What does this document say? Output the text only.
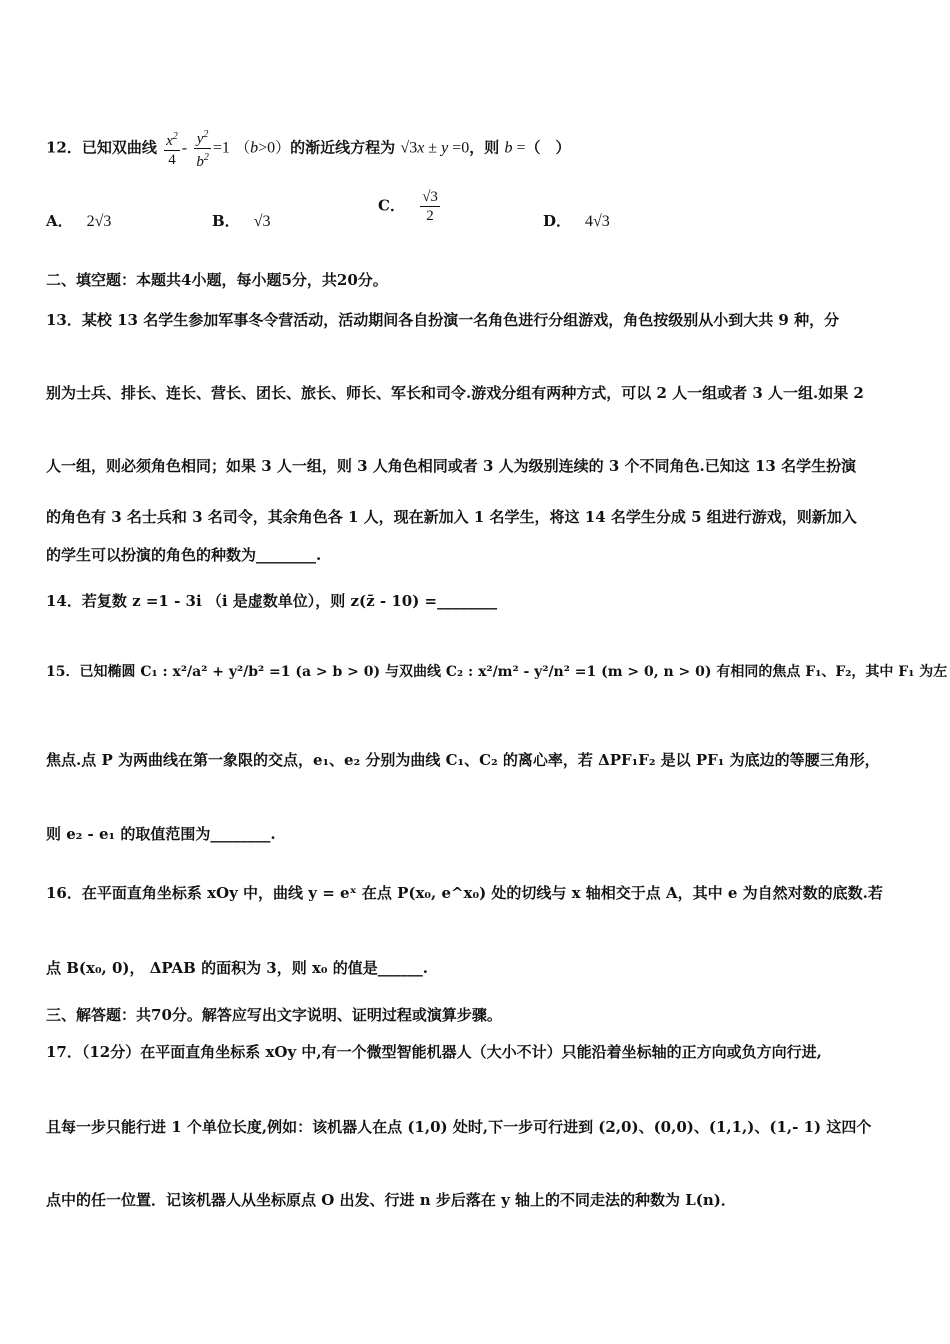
12．已知双曲线 $\frac{x^2}{4} - \frac{y^2}{b^2} =1$ （b>0）的渐近线方程为 √3x ± y =0，则 b =（　）
A． 2√3	B． √3
C． $\frac{√3}{2}$	D． 4√3
二、填空题：本题共4小题，每小题5分，共20分。
13．某校 13 名学生参加军事冬令营活动，活动期间各自扮演一名角色进行分组游戏，角色按级别从小到大共 9 种，分
别为士兵、排长、连长、营长、团长、旅长、师长、军长和司令.游戏分组有两种方式，可以 2 人一组或者 3 人一组.如果 2
人一组，则必须角色相同；如果 3 人一组，则 3 人角色相同或者 3 人为级别连续的 3 个不同角色.已知这 13 名学生扮演
的角色有 3 名士兵和 3 名司令，其余角色各 1 人，现在新加入 1 名学生，将这 14 名学生分成 5 组进行游戏，则新加入
的学生可以扮演的角色的种数为________.
14．若复数 z =1 - 3i （i 是虚数单位），则 z(z̄ - 10) =________
15．已知椭圆 C₁ : x²/a² + y²/b² =1 (a > b > 0) 与双曲线 C₂ : x²/m² - y²/n² =1 (m > 0, n > 0) 有相同的焦点 F₁、F₂，其中 F₁ 为左
焦点.点 P 为两曲线在第一象限的交点，e₁、e₂ 分别为曲线 C₁、C₂ 的离心率，若 ΔPF₁F₂ 是以 PF₁ 为底边的等腰三角形，
则 e₂ - e₁ 的取值范围为________.
16．在平面直角坐标系 xOy 中，曲线 y = eˣ 在点 P(x₀, e^x₀) 处的切线与 x 轴相交于点 A，其中 e 为自然对数的底数.若
点 B(x₀, 0)， ΔPAB 的面积为 3，则 x₀ 的值是______.
三、解答题：共70分。解答应写出文字说明、证明过程或演算步骤。
17．（12分）在平面直角坐标系 xOy 中,有一个微型智能机器人（大小不计）只能沿着坐标轴的正方向或负方向行进,
且每一步只能行进 1 个单位长度,例如：该机器人在点 (1,0) 处时,下一步可行进到 (2,0)、(0,0)、(1,1,)、(1,- 1) 这四个
点中的任一位置．记该机器人从坐标原点 O 出发、行进 n 步后落在 y 轴上的不同走法的种数为 L(n)．
